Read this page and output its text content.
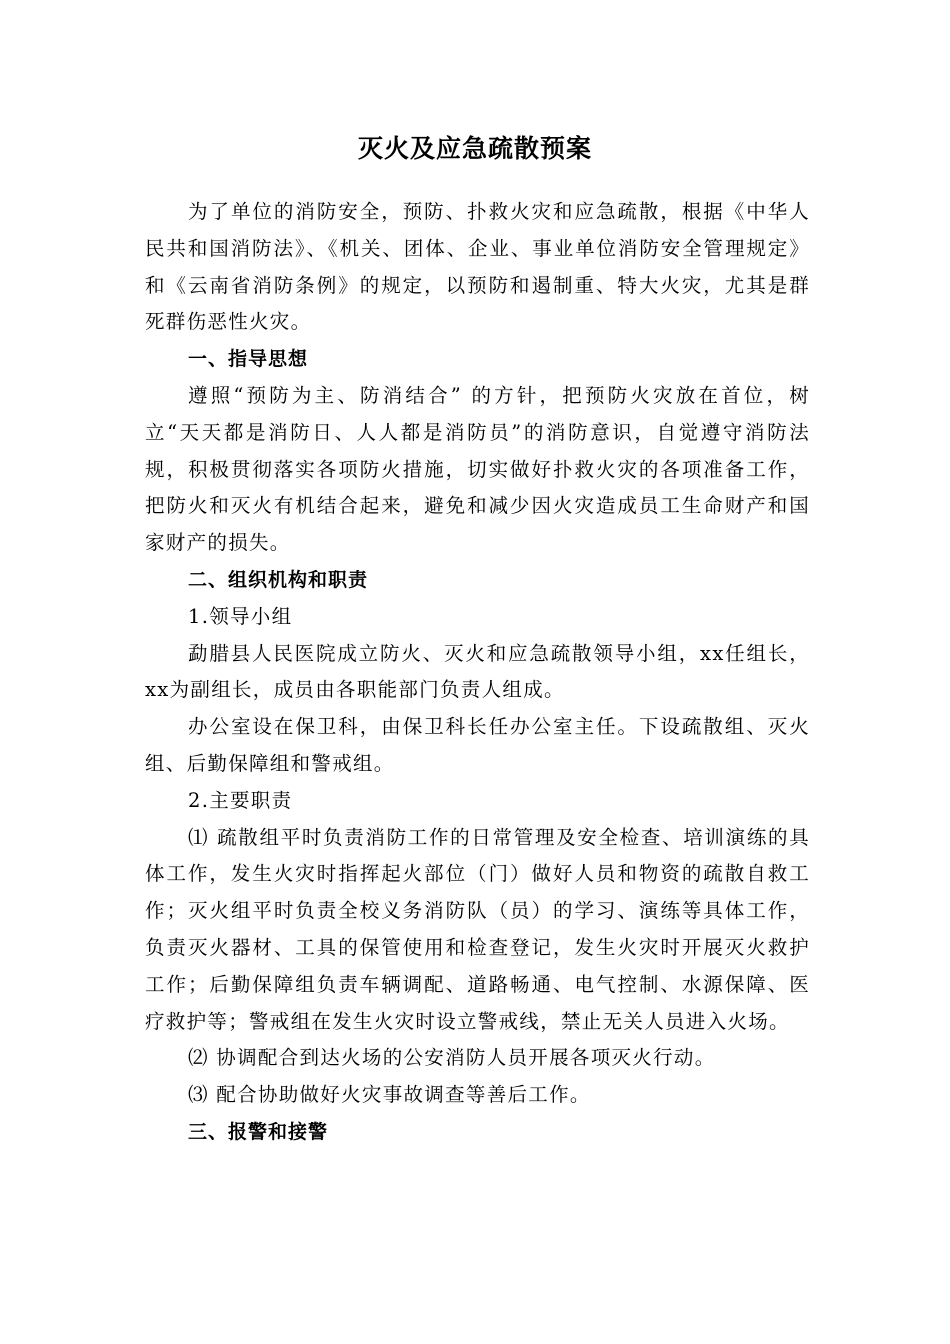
灭火及应急疏散预案

为了单位的消防安全，预防、扑救火灾和应急疏散，根据《中华人民共和国消防法》、《机关、团体、企业、事业单位消防安全管理规定》和《云南省消防条例》的规定，以预防和遏制重、特大火灾，尤其是群死群伤恶性火灾。

一、指导思想

遵照“预防为主、防消结合” 的方针，把预防火灾放在首位，树立“天天都是消防日、人人都是消防员”的消防意识，自觉遵守消防法规，积极贯彻落实各项防火措施，切实做好扑救火灾的各项准备工作，把防火和灭火有机结合起来，避免和减少因火灾造成员工生命财产和国家财产的损失。

二、组织机构和职责

1.领导小组

勐腊县人民医院成立防火、灭火和应急疏散领导小组，xx任组长，xx为副组长，成员由各职能部门负责人组成。

办公室设在保卫科，由保卫科长任办公室主任。下设疏散组、灭火组、后勤保障组和警戒组。

2.主要职责

⑴ 疏散组平时负责消防工作的日常管理及安全检查、培训演练的具体工作，发生火灾时指挥起火部位（门）做好人员和物资的疏散自救工作；灭火组平时负责全校义务消防队（员）的学习、演练等具体工作，负责灭火器材、工具的保管使用和检查登记，发生火灾时开展灭火救护工作；后勤保障组负责车辆调配、道路畅通、电气控制、水源保障、医疗救护等；警戒组在发生火灾时设立警戒线，禁止无关人员进入火场。

⑵ 协调配合到达火场的公安消防人员开展各项灭火行动。

⑶ 配合协助做好火灾事故调查等善后工作。

三、报警和接警
